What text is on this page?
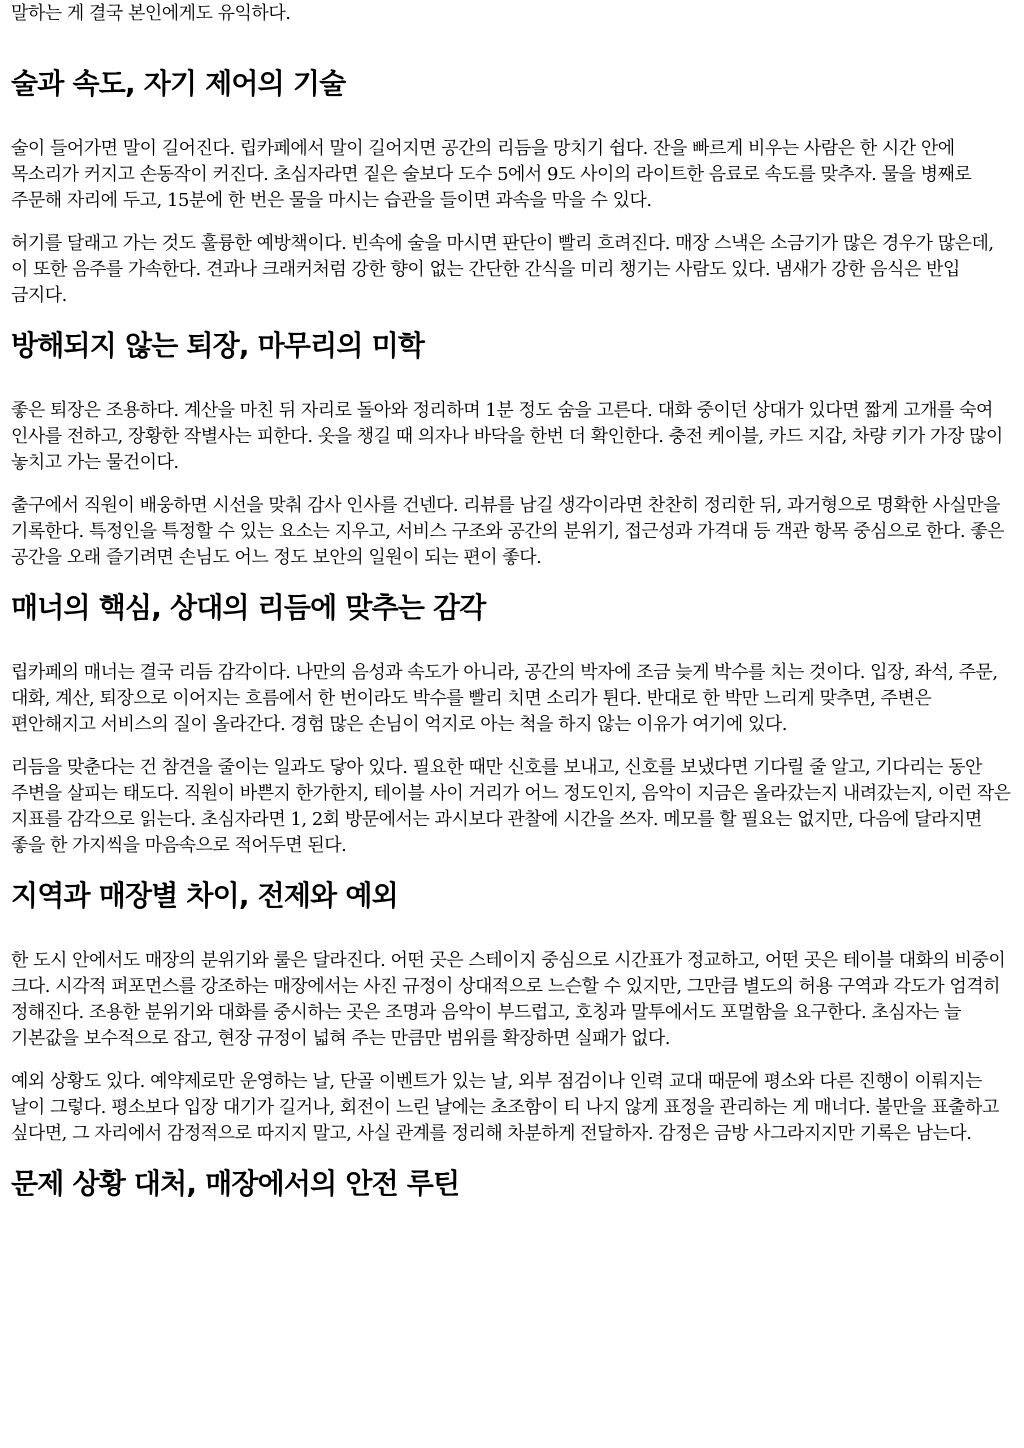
말하는 게 결국 본인에게도 유익하다.

술과 속도, 자기 제어의 기술

술이 들어가면 말이 길어진다. 립카페에서 말이 길어지면 공간의 리듬을 망치기 쉽다. 잔을 빠르게 비우는 사람은 한 시간 안에 목소리가 커지고 손동작이 커진다. 초심자라면 짙은 술보다 도수 5에서 9도 사이의 라이트한 음료로 속도를 맞추자. 물을 병째로 주문해 자리에 두고, 15분에 한 번은 물을 마시는 습관을 들이면 과속을 막을 수 있다.

허기를 달래고 가는 것도 훌륭한 예방책이다. 빈속에 술을 마시면 판단이 빨리 흐려진다. 매장 스낵은 소금기가 많은 경우가 많은데, 이 또한 음주를 가속한다. 견과나 크래커처럼 강한 향이 없는 간단한 간식을 미리 챙기는 사람도 있다. 냄새가 강한 음식은 반입 금지다.

방해되지 않는 퇴장, 마무리의 미학

좋은 퇴장은 조용하다. 계산을 마친 뒤 자리로 돌아와 정리하며 1분 정도 숨을 고른다. 대화 중이던 상대가 있다면 짧게 고개를 숙여 인사를 전하고, 장황한 작별사는 피한다. 옷을 챙길 때 의자나 바닥을 한번 더 확인한다. 충전 케이블, 카드 지갑, 차량 키가 가장 많이 놓치고 가는 물건이다.

출구에서 직원이 배웅하면 시선을 맞춰 감사 인사를 건넨다. 리뷰를 남길 생각이라면 찬찬히 정리한 뒤, 과거형으로 명확한 사실만을 기록한다. 특정인을 특정할 수 있는 요소는 지우고, 서비스 구조와 공간의 분위기, 접근성과 가격대 등 객관 항목 중심으로 한다. 좋은 공간을 오래 즐기려면 손님도 어느 정도 보안의 일원이 되는 편이 좋다.

매너의 핵심, 상대의 리듬에 맞추는 감각

립카페의 매너는 결국 리듬 감각이다. 나만의 음성과 속도가 아니라, 공간의 박자에 조금 늦게 박수를 치는 것이다. 입장, 좌석, 주문, 대화, 계산, 퇴장으로 이어지는 흐름에서 한 번이라도 박수를 빨리 치면 소리가 튄다. 반대로 한 박만 느리게 맞추면, 주변은 편안해지고 서비스의 질이 올라간다. 경험 많은 손님이 억지로 아는 척을 하지 않는 이유가 여기에 있다.

리듬을 맞춘다는 건 참견을 줄이는 일과도 닿아 있다. 필요한 때만 신호를 보내고, 신호를 보냈다면 기다릴 줄 알고, 기다리는 동안 주변을 살피는 태도다. 직원이 바쁜지 한가한지, 테이블 사이 거리가 어느 정도인지, 음악이 지금은 올라갔는지 내려갔는지, 이런 작은 지표를 감각으로 읽는다. 초심자라면 1, 2회 방문에서는 과시보다 관찰에 시간을 쓰자. 메모를 할 필요는 없지만, 다음에 달라지면 좋을 한 가지씩을 마음속으로 적어두면 된다.

지역과 매장별 차이, 전제와 예외

한 도시 안에서도 매장의 분위기와 룰은 달라진다. 어떤 곳은 스테이지 중심으로 시간표가 정교하고, 어떤 곳은 테이블 대화의 비중이 크다. 시각적 퍼포먼스를 강조하는 매장에서는 사진 규정이 상대적으로 느슨할 수 있지만, 그만큼 별도의 허용 구역과 각도가 엄격히 정해진다. 조용한 분위기와 대화를 중시하는 곳은 조명과 음악이 부드럽고, 호칭과 말투에서도 포멀함을 요구한다. 초심자는 늘 기본값을 보수적으로 잡고, 현장 규정이 넓혀 주는 만큼만 범위를 확장하면 실패가 없다.

예외 상황도 있다. 예약제로만 운영하는 날, 단골 이벤트가 있는 날, 외부 점검이나 인력 교대 때문에 평소와 다른 진행이 이뤄지는 날이 그렇다. 평소보다 입장 대기가 길거나, 회전이 느린 날에는 초조함이 티 나지 않게 표정을 관리하는 게 매너다. 불만을 표출하고 싶다면, 그 자리에서 감정적으로 따지지 말고, 사실 관계를 정리해 차분하게 전달하자. 감정은 금방 사그라지지만 기록은 남는다.

문제 상황 대처, 매장에서의 안전 루틴
